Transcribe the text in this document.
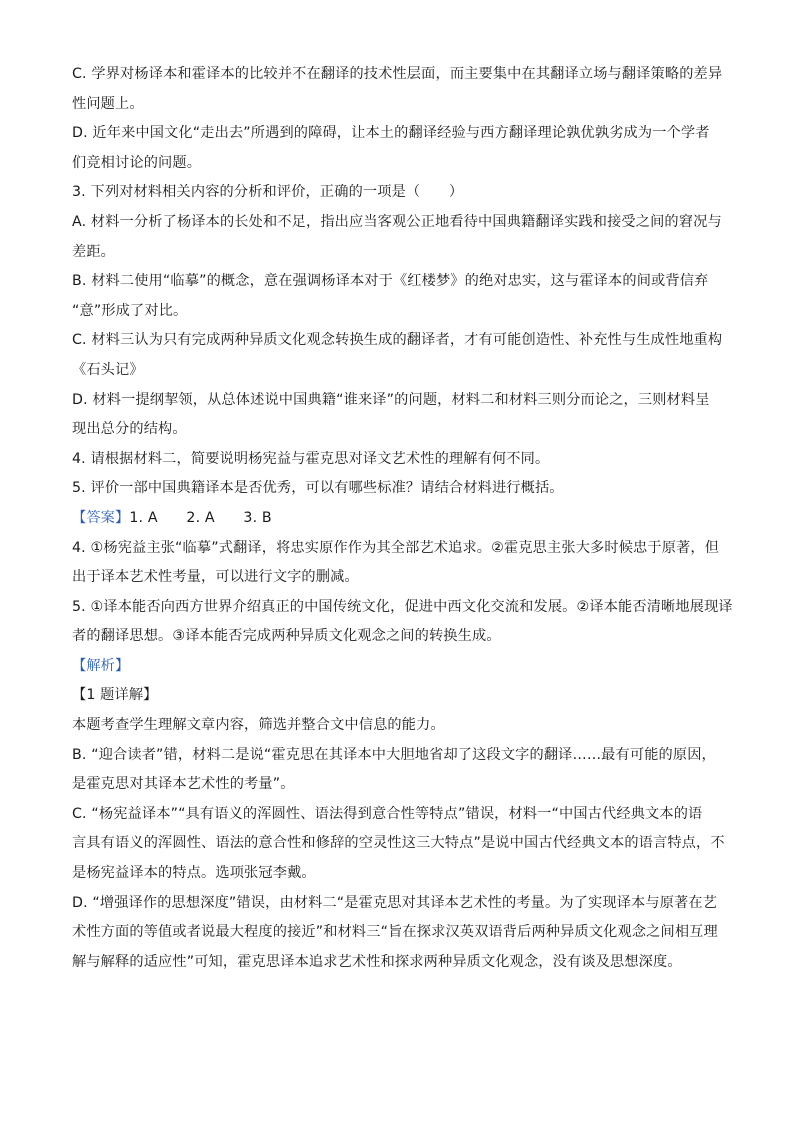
C. 学界对杨译本和霍译本的比较并不在翻译的技术性层面，而主要集中在其翻译立场与翻译策略的差异
性问题上。
D. 近年来中国文化“走出去”所遇到的障碍，让本土的翻译经验与西方翻译理论孰优孰劣成为一个学者
们竞相讨论的问题。
3. 下列对材料相关内容的分析和评价，正确的一项是（　　）
A. 材料一分析了杨译本的长处和不足，指出应当客观公正地看待中国典籍翻译实践和接受之间的窘况与
差距。
B. 材料二使用“临摹”的概念，意在强调杨译本对于《红楼梦》的绝对忠实，这与霍译本的间或背信弃
“意”形成了对比。
C. 材料三认为只有完成两种异质文化观念转换生成的翻译者，才有可能创造性、补充性与生成性地重构
《石头记》
D. 材料一提纲挈领，从总体述说中国典籍“谁来译”的问题，材料二和材料三则分而论之，三则材料呈
现出总分的结构。
4. 请根据材料二，简要说明杨宪益与霍克思对译文艺术性的理解有何不同。
5. 评价一部中国典籍译本是否优秀，可以有哪些标准？请结合材料进行概括。
【答案】1. A　　2. A　　3. B
4. ①杨宪益主张“临摹”式翻译，将忠实原作作为其全部艺术追求。②霍克思主张大多时候忠于原著，但
出于译本艺术性考量，可以进行文字的删减。
5. ①译本能否向西方世界介绍真正的中国传统文化，促进中西文化交流和发展。②译本能否清晰地展现译
者的翻译思想。③译本能否完成两种异质文化观念之间的转换生成。
【解析】
【1 题详解】
本题考查学生理解文章内容，筛选并整合文中信息的能力。
B. “迎合读者”错，材料二是说“霍克思在其译本中大胆地省却了这段文字的翻译……最有可能的原因，
是霍克思对其译本艺术性的考量”。
C. “杨宪益译本”“具有语义的浑圆性、语法得到意合性等特点”错误，材料一“中国古代经典文本的语
言具有语义的浑圆性、语法的意合性和修辞的空灵性这三大特点”是说中国古代经典文本的语言特点，不
是杨宪益译本的特点。选项张冠李戴。
D. “增强译作的思想深度”错误，由材料二“是霍克思对其译本艺术性的考量。为了实现译本与原著在艺
术性方面的等值或者说最大程度的接近”和材料三“旨在探求汉英双语背后两种异质文化观念之间相互理
解与解释的适应性”可知，霍克思译本追求艺术性和探求两种异质文化观念，没有谈及思想深度。
